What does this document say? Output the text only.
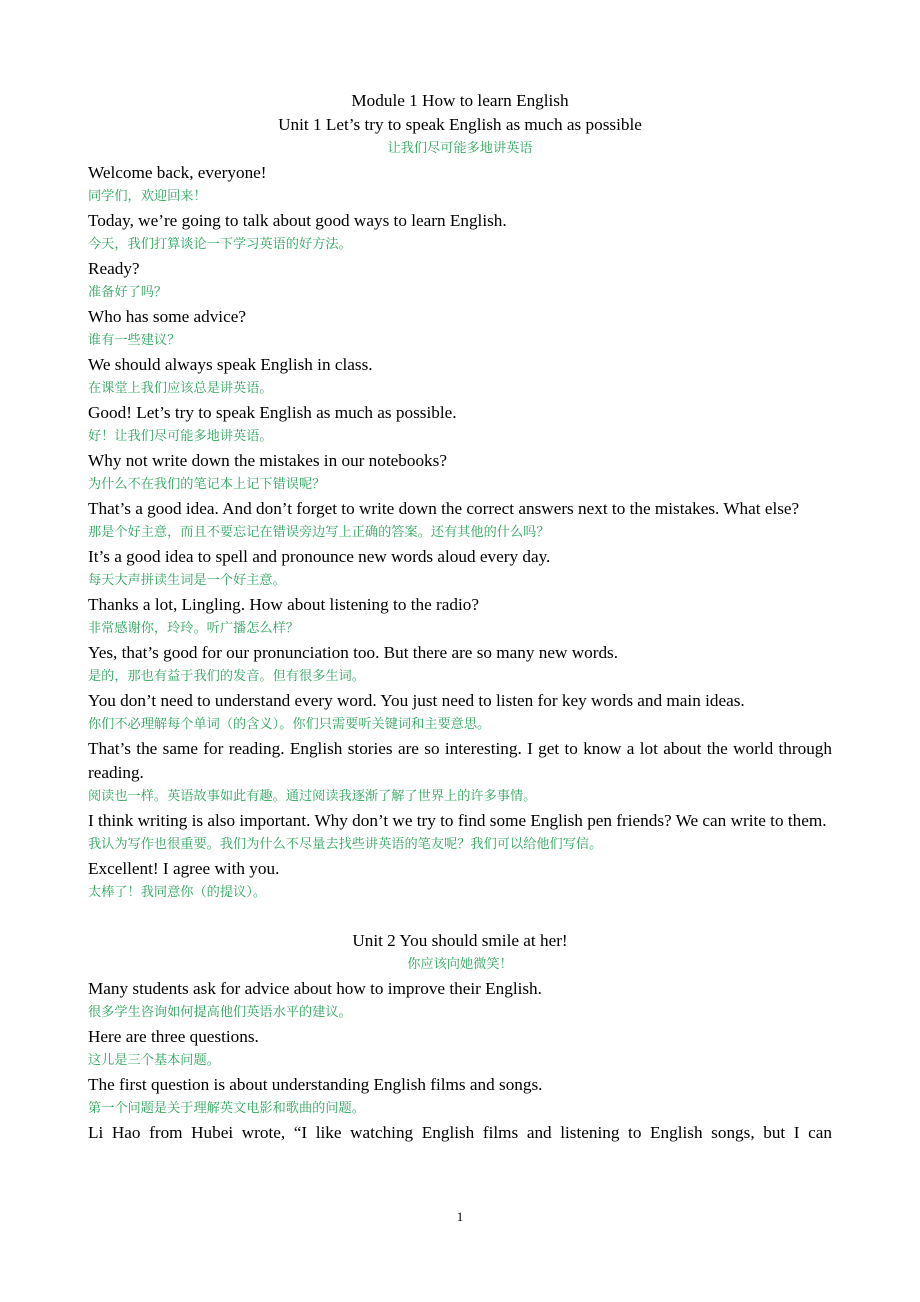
Module 1 How to learn English
Unit 1 Let’s try to speak English as much as possible
让我们尽可能多地讲英语
Welcome back, everyone!
同学们，欢迎回来！
Today, we’re going to talk about good ways to learn English.
今天，我们打算谈论一下学习英语的好方法。
Ready?
准备好了吗？
Who has some advice?
谁有一些建议？
We should always speak English in class.
在课堂上我们应该总是讲英语。
Good! Let’s try to speak English as much as possible.
好！让我们尽可能多地讲英语。
Why not write down the mistakes in our notebooks?
为什么不在我们的笔记本上记下错误呢？
That’s a good idea. And don’t forget to write down the correct answers next to the mistakes. What else?
那是个好主意，而且不要忘记在错误旁边写上正确的答案。还有其他的什么吗？
It’s a good idea to spell and pronounce new words aloud every day.
每天大声拼读生词是一个好主意。
Thanks a lot, Lingling. How about listening to the radio?
非常感谢你，玲玲。听广播怎么样？
Yes, that’s good for our pronunciation too. But there are so many new words.
是的，那也有益于我们的发音。但有很多生词。
You don’t need to understand every word. You just need to listen for key words and main ideas.
你们不必理解每个单词（的含义）。你们只需要听关键词和主要意思。
That’s the same for reading. English stories are so interesting. I get to know a lot about the world through reading.
阅读也一样。英语故事如此有趣。通过阅读我逐渐了解了世界上的许多事情。
I think writing is also important. Why don’t we try to find some English pen friends? We can write to them.
我认为写作也很重要。我们为什么不尽量去找些讲英语的笔友呢？我们可以给他们写信。
Excellent! I agree with you.
太棒了！我同意你（的提议）。
Unit 2 You should smile at her!
你应该向她微笑！
Many students ask for advice about how to improve their English.
很多学生咨询如何提高他们英语水平的建议。
Here are three questions.
这儿是三个基本问题。
The first question is about understanding English films and songs.
第一个问题是关于理解英文电影和歌曲的问题。
Li Hao from Hubei wrote, “I like watching English films and listening to English songs, but I can
1
